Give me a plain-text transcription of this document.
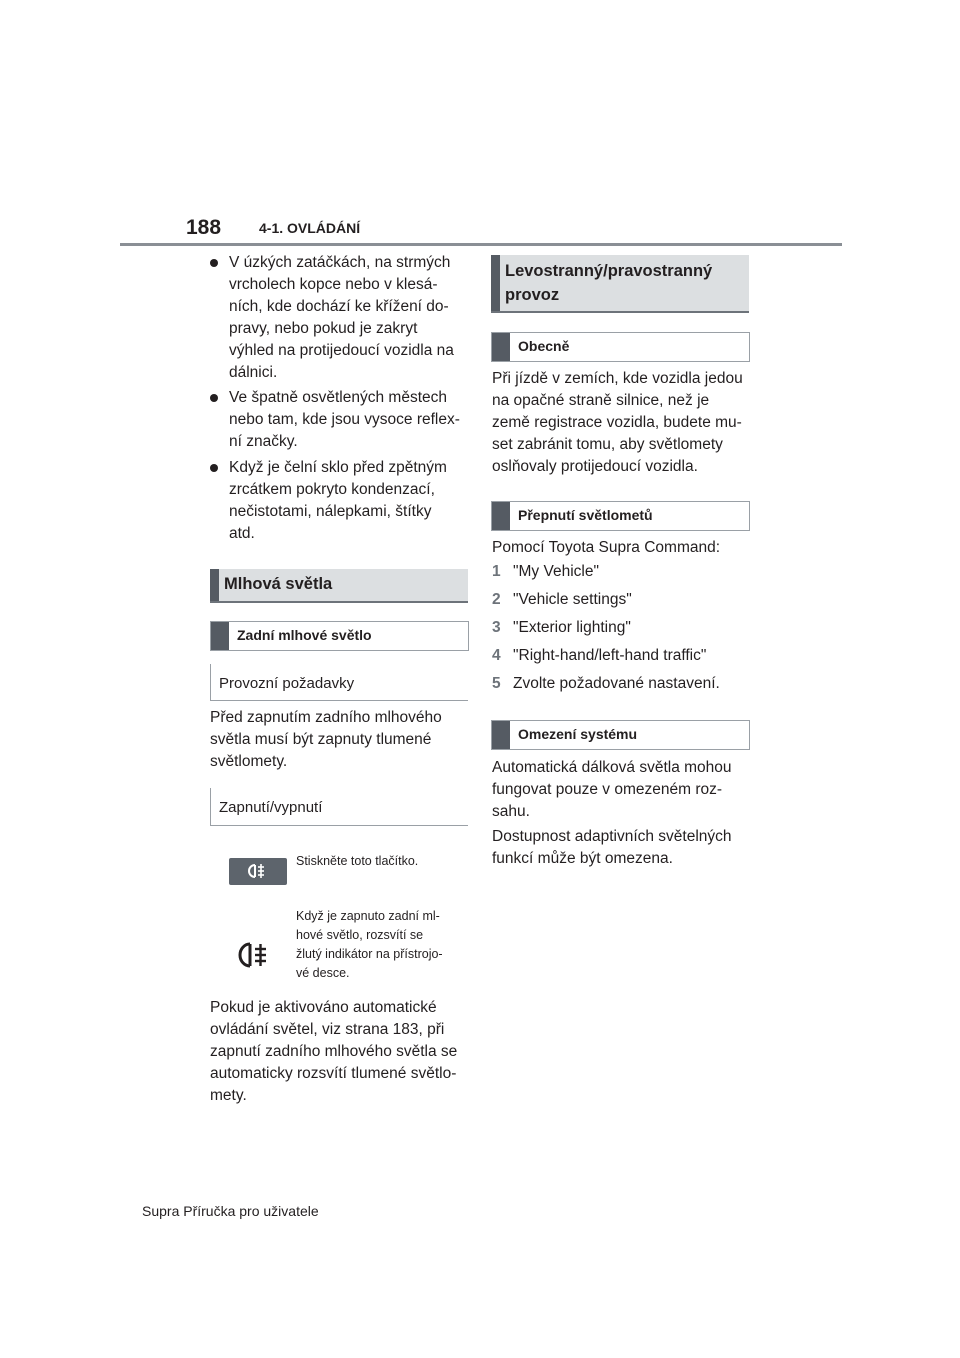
188	4-1. OVLÁDÁNÍ
V úzkých zatáčkách, na strmých
vrcholech kopce nebo v klesá-
ních, kde dochází ke křížení do-
pravy, nebo pokud je zakryt
výhled na protijedoucí vozidla na
dálnici.
Ve špatně osvětlených městech
nebo tam, kde jsou vysoce reflex-
ní značky.
Když je čelní sklo před zpětným
zrcátkem pokryto kondenzací,
nečistotami, nálepkami, štítky
atd.
Mlhová světla
Zadní mlhové světlo
Provozní požadavky
Před zapnutím zadního mlhového
světla musí být zapnuty tlumené
světlomety.
Zapnutí/vypnutí
Stiskněte toto tlačítko.
Když je zapnuto zadní ml-
hové světlo, rozsvítí se
žlutý indikátor na přístrojo-
vé desce.
Pokud je aktivováno automatické
ovládání světel, viz strana 183, při
zapnutí zadního mlhového světla se
automaticky rozsvítí tlumené světlo-
mety.
Levostranný/pravostranný
provoz
Obecně
Při jízdě v zemích, kde vozidla jedou
na opačné straně silnice, než je
země registrace vozidla, budete mu-
set zabránit tomu, aby světlomety
oslňovaly protijedoucí vozidla.
Přepnutí světlometů
Pomocí Toyota Supra Command:
1 "My Vehicle"
2 "Vehicle settings"
3 "Exterior lighting"
4 "Right-hand/left-hand traffic"
5 Zvolte požadované nastavení.
Omezení systému
Automatická dálková světla mohou
fungovat pouze v omezeném roz-
sahu.
Dostupnost adaptivních světelných
funkcí může být omezena.
Supra Příručka pro uživatele
